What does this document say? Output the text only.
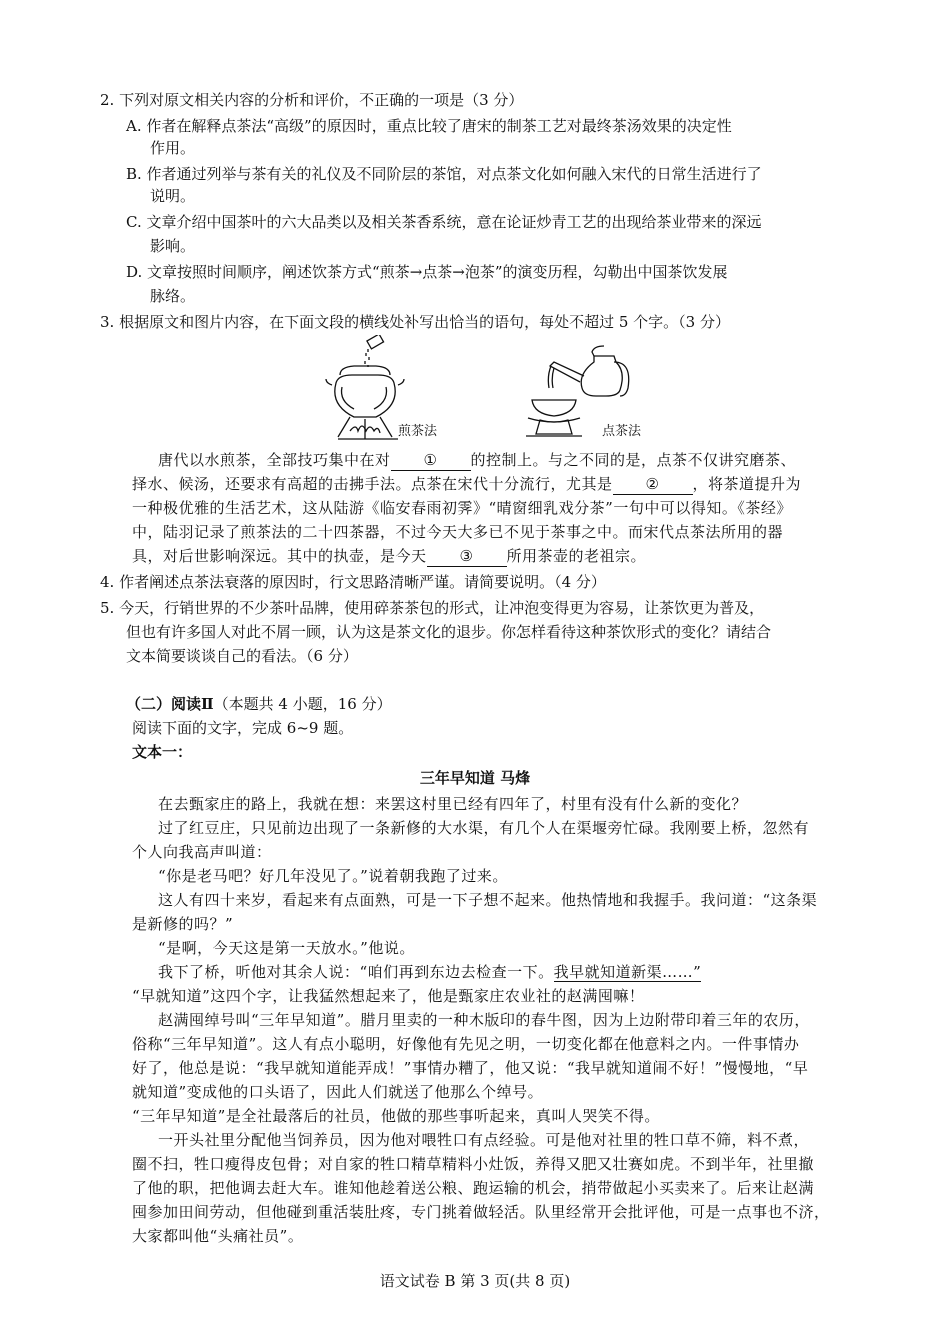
2. 下列对原文相关内容的分析和评价，不正确的一项是（3 分）
A. 作者在解释点茶法“高级”的原因时，重点比较了唐宋的制茶工艺对最终茶汤效果的决定性
作用。
B. 作者通过列举与茶有关的礼仪及不同阶层的茶馆，对点茶文化如何融入宋代的日常生活进行了
说明。
C. 文章介绍中国茶叶的六大品类以及相关茶香系统，意在论证炒青工艺的出现给茶业带来的深远
影响。
D. 文章按照时间顺序，阐述饮茶方式“煎茶→点茶→泡茶”的演变历程，勾勒出中国茶饮发展
脉络。
3. 根据原文和图片内容，在下面文段的横线处补写出恰当的语句，每处不超过 5 个字。（3 分）
煎茶法	点茶法
唐代以水煎茶，全部技巧集中在对 ① 的控制上。与之不同的是，点茶不仅讲究磨茶、
择水、候汤，还要求有高超的击拂手法。点茶在宋代十分流行，尤其是 ② ，将茶道提升为
一种极优雅的生活艺术，这从陆游《临安春雨初霁》“晴窗细乳戏分茶”一句中可以得知。《茶经》
中，陆羽记录了煎茶法的二十四茶器，不过今天大多已不见于茶事之中。而宋代点茶法所用的器
具，对后世影响深远。其中的执壶，是今天 ③ 所用茶壶的老祖宗。
4. 作者阐述点茶法衰落的原因时，行文思路清晰严谨。请简要说明。（4 分）
5. 今天，行销世界的不少茶叶品牌，使用碎茶茶包的形式，让冲泡变得更为容易，让茶饮更为普及，
但也有许多国人对此不屑一顾，认为这是茶文化的退步。你怎样看待这种茶饮形式的变化？请结合
文本简要谈谈自己的看法。（6 分）
（二）阅读Ⅱ（本题共 4 小题，16 分）
阅读下面的文字，完成 6~9 题。
文本一：
三年早知道 马烽
在去甄家庄的路上，我就在想：来罢这村里已经有四年了，村里有没有什么新的变化？
过了红豆庄，只见前边出现了一条新修的大水渠，有几个人在渠堰旁忙碌。我刚要上桥，忽然有
个人向我高声叫道：
“你是老马吧？好几年没见了。”说着朝我跑了过来。
这人有四十来岁，看起来有点面熟，可是一下子想不起来。他热情地和我握手。我问道：“这条渠
是新修的吗？”
“是啊，今天这是第一天放水。”他说。
我下了桥，听他对其余人说：“咱们再到东边去检查一下。我早就知道新渠……”
“早就知道”这四个字，让我猛然想起来了，他是甄家庄农业社的赵满囤嘛！
赵满囤绰号叫“三年早知道”。腊月里卖的一种木版印的春牛图，因为上边附带印着三年的农历，
俗称“三年早知道”。这人有点小聪明，好像他有先见之明，一切变化都在他意料之内。一件事情办
好了，他总是说：“我早就知道能弄成！”事情办糟了，他又说：“我早就知道闹不好！”慢慢地，“早
就知道”变成他的口头语了，因此人们就送了他那么个绰号。
“三年早知道”是全社最落后的社员，他做的那些事听起来，真叫人哭笑不得。
一开头社里分配他当饲养员，因为他对喂牲口有点经验。可是他对社里的牲口草不筛，料不煮，
圈不扫，牲口瘦得皮包骨；对自家的牲口精草精料小灶饭，养得又肥又壮赛如虎。不到半年，社里撤
了他的职，把他调去赶大车。谁知他趁着送公粮、跑运输的机会，捎带做起小买卖来了。后来让赵满
囤参加田间劳动，但他碰到重活装肚疼，专门挑着做轻活。队里经常开会批评他，可是一点事也不济，
大家都叫他“头痛社员”。
语文试卷 B 第 3 页(共 8 页)
